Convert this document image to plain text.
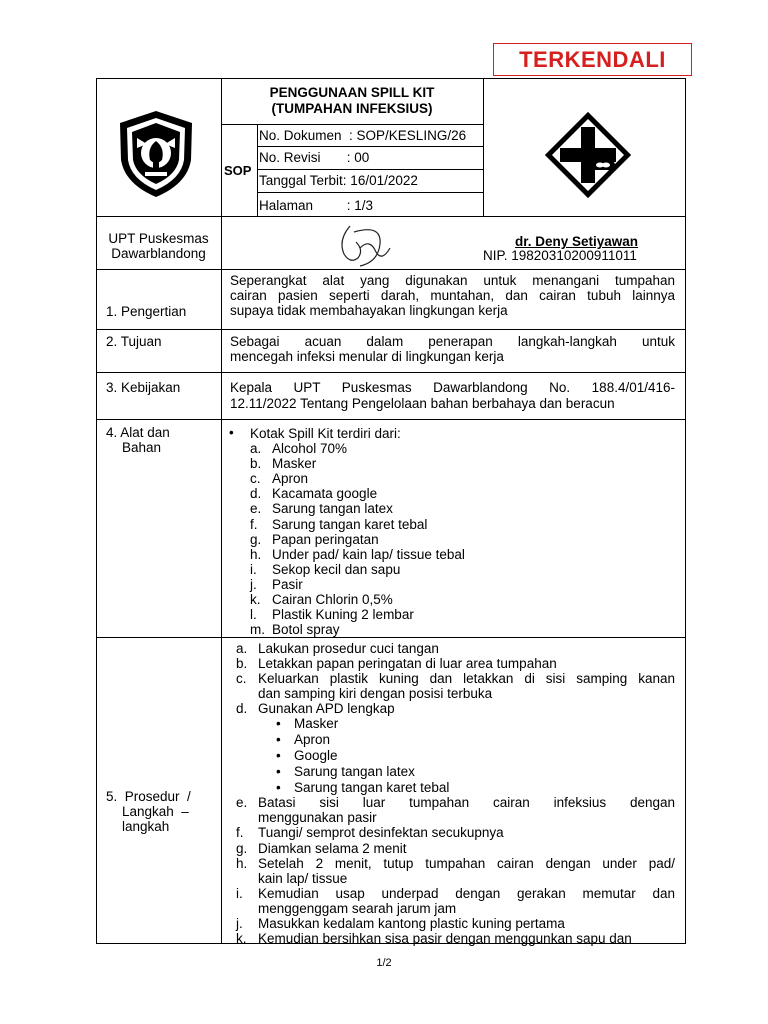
TERKENDALI
PENGGUNAAN SPILL KIT
(TUMPAHAN INFEKSIUS)
SOP
No. Dokumen  : SOP/KESLING/26
No. Revisi       : 00
Tanggal Terbit: 16/01/2022
Halaman         : 1/3
UPT Puskesmas
Dawarblandong
dr. Deny Setiyawan
NIP. 19820310200911011
1. Pengertian
Seperangkat alat yang digunakan untuk menangani tumpahan
cairan pasien seperti darah, muntahan, dan cairan tubuh lainnya
supaya tidak membahayakan lingkungan kerja
2. Tujuan	Sebagai acuan dalam penerapan langkah-langkah untuk
mencegah infeksi menular di lingkungan kerja
3. Kebijakan	Kepala UPT Puskesmas Dawarblandong No. 188.4/01/416-
12.11/2022 Tentang Pengelolaan bahan berbahaya dan beracun
4. Alat dan
Bahan
• Kotak Spill Kit terdiri dari:
5.  Prosedur  /
Langkah  –
langkah
1/2
a. Alcohol 70%
b. Masker
c. Apron
d. Kacamata google
e. Sarung tangan latex
f. Sarung tangan karet tebal
g. Papan peringatan
h. Under pad/ kain lap/ tissue tebal
i. Sekop kecil dan sapu
j. Pasir
k. Cairan Chlorin 0,5%
l. Plastik Kuning 2 lembar
m. Botol spray
a. Lakukan prosedur cuci tangan
b. Letakkan papan peringatan di luar area tumpahan
c. Keluarkan plastik kuning dan letakkan di sisi samping kanan
dan samping kiri dengan posisi terbuka
d. Gunakan APD lengkap
e. Batasi sisi luar tumpahan cairan infeksius dengan
menggunakan pasir
f. Tuangi/ semprot desinfektan secukupnya
g. Diamkan selama 2 menit
h. Setelah 2 menit, tutup tumpahan cairan dengan under pad/
kain lap/ tissue
i. Kemudian usap underpad dengan gerakan memutar dan
menggenggam searah jarum jam
j. Masukkan kedalam kantong plastic kuning pertama
k. Kemudian bersihkan sisa pasir dengan menggunkan sapu dan
• Masker
• Apron
• Google
• Sarung tangan latex
• Sarung tangan karet tebal
